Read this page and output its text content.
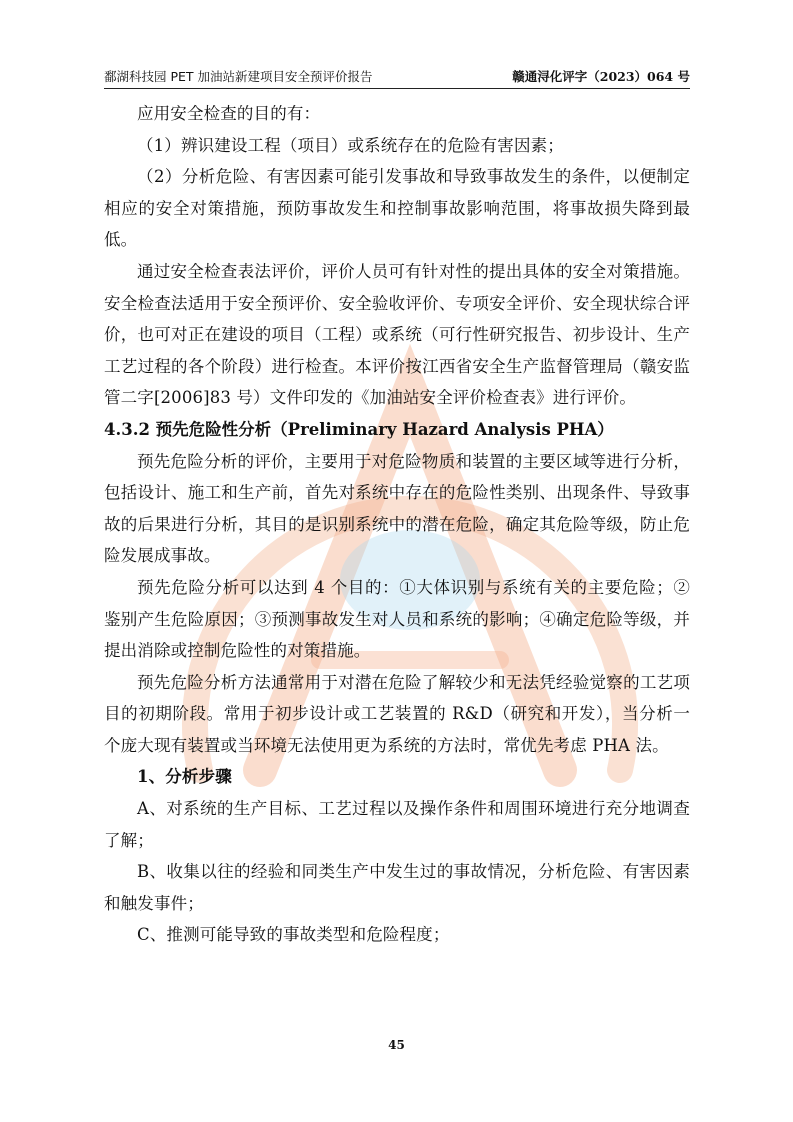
鄱湖科技园 PET 加油站新建项目安全预评价报告	赣通浔化评字（2023）064 号

应用安全检查的目的有：

（1）辨识建设工程（项目）或系统存在的危险有害因素；

（2）分析危险、有害因素可能引发事故和导致事故发生的条件，以便制定相应的安全对策措施，预防事故发生和控制事故影响范围，将事故损失降到最低。

通过安全检查表法评价，评价人员可有针对性的提出具体的安全对策措施。安全检查法适用于安全预评价、安全验收评价、专项安全评价、安全现状综合评价，也可对正在建设的项目（工程）或系统（可行性研究报告、初步设计、生产工艺过程的各个阶段）进行检查。本评价按江西省安全生产监督管理局（赣安监管二字[2006]83 号）文件印发的《加油站安全评价检查表》进行评价。

4.3.2 预先危险性分析（Preliminary Hazard Analysis PHA）

预先危险分析的评价，主要用于对危险物质和装置的主要区域等进行分析，包括设计、施工和生产前，首先对系统中存在的危险性类别、出现条件、导致事故的后果进行分析，其目的是识别系统中的潜在危险，确定其危险等级，防止危险发展成事故。

预先危险分析可以达到 4 个目的：①大体识别与系统有关的主要危险；②鉴别产生危险原因；③预测事故发生对人员和系统的影响；④确定危险等级，并提出消除或控制危险性的对策措施。

预先危险分析方法通常用于对潜在危险了解较少和无法凭经验觉察的工艺项目的初期阶段。常用于初步设计或工艺装置的 R&D（研究和开发），当分析一个庞大现有装置或当环境无法使用更为系统的方法时，常优先考虑 PHA 法。

1、分析步骤

A、对系统的生产目标、工艺过程以及操作条件和周围环境进行充分地调查了解；

B、收集以往的经验和同类生产中发生过的事故情况，分析危险、有害因素和触发事件；

C、推测可能导致的事故类型和危险程度；

45
